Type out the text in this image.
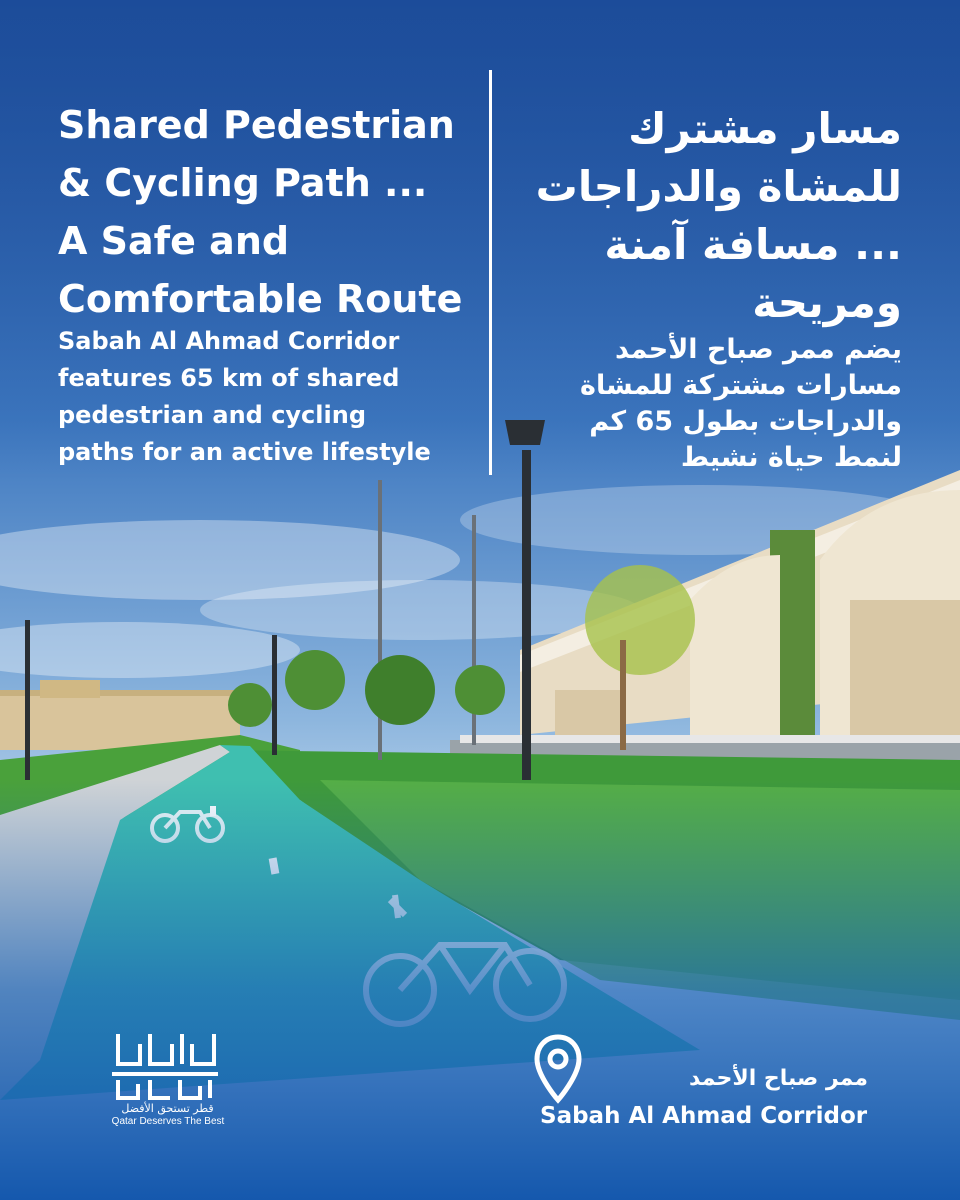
Shared Pedestrian
& Cycling Path ...
A Safe and
Comfortable Route
Sabah Al Ahmad Corridor
features 65 km of shared
pedestrian and cycling
paths for an active lifestyle
مسار مشترك
للمشاة والدراجات
... مسافة آمنة
ومريحة
يضم ممر صباح الأحمد
مسارات مشتركة للمشاة
والدراجات بطول 65 كم
لنمط حياة نشيط
قطر تستحق الأفضل
Qatar Deserves The Best
ممر صباح الأحمد
Sabah Al Ahmad Corridor
